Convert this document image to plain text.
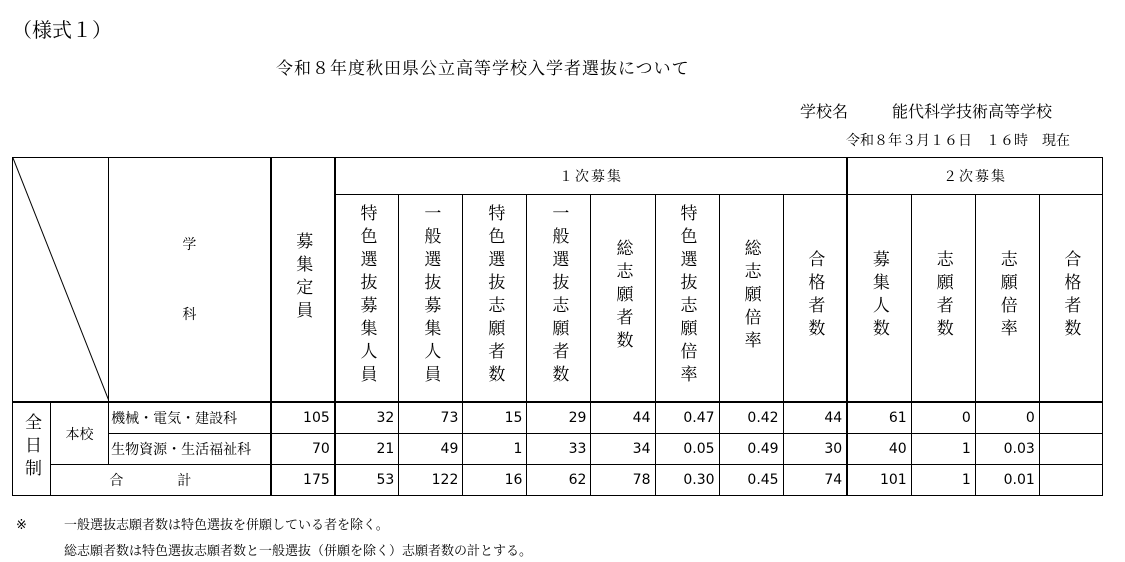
（様式１）
令和８年度秋田県公立高等学校入学者選抜について
学校名	能代科学技術高等学校
令和８年３月１６日　１６時　現在

学
科	募集定員	１次募集								２次募集			
				特色選抜募集人員	一般選抜募集人員	特色選抜志願者数	一般選抜志願者数	総志願者数	特色選抜志願倍率	総志願倍率	合格者数	募集人数	志願者数	志願倍率	合格者数
全日制	本校	機械・電気・建設科	105	32	73	15	29	44	0.47	0.42	44	61	0	0	
		生物資源・生活福祉科	70	21	49	1	33	34	0.05	0.49	30	40	1	0.03	
	合　計		175	53	122	16	62	78	0.30	0.45	74	101	1	0.01	
※	一般選抜志願者数は特色選抜を併願している者を除く。
総志願者数は特色選抜志願者数と一般選抜（併願を除く）志願者数の計とする。
